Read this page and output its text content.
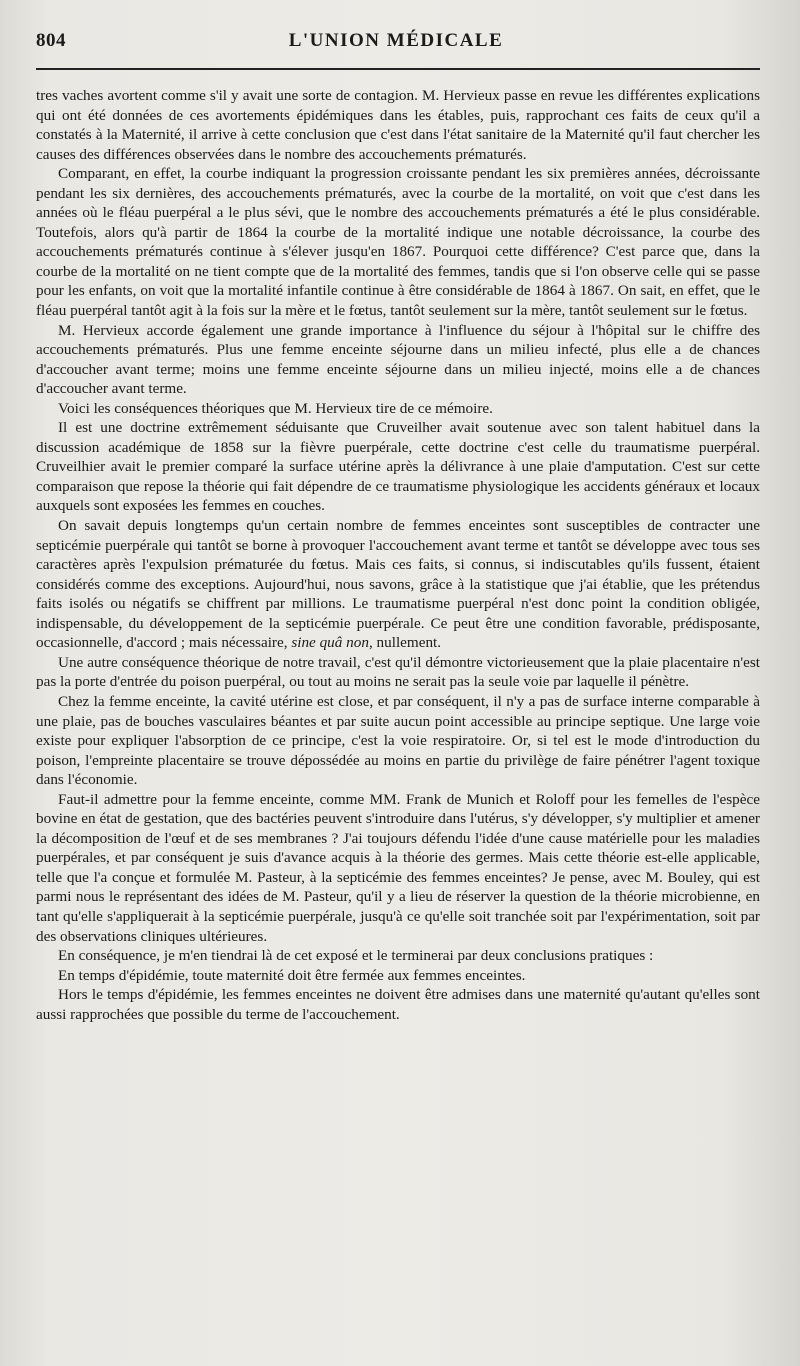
804	L'UNION MÉDICALE

tres vaches avortent comme s'il y avait une sorte de contagion. M. Hervieux passe en revue les différentes explications qui ont été données de ces avortements épidémiques dans les étables, puis, rapprochant ces faits de ceux qu'il a constatés à la Maternité, il arrive à cette conclusion que c'est dans l'état sanitaire de la Maternité qu'il faut chercher les causes des différences observées dans le nombre des accouchements prématurés.

Comparant, en effet, la courbe indiquant la progression croissante pendant les six premières années, décroissante pendant les six dernières, des accouchements prématurés, avec la courbe de la mortalité, on voit que c'est dans les années où le fléau puerpéral a le plus sévi, que le nombre des accouchements prématurés a été le plus considérable. Toutefois, alors qu'à partir de 1864 la courbe de la mortalité indique une notable décroissance, la courbe des accouchements prématurés continue à s'élever jusqu'en 1867. Pourquoi cette différence? C'est parce que, dans la courbe de la mortalité on ne tient compte que de la mortalité des femmes, tandis que si l'on observe celle qui se passe pour les enfants, on voit que la mortalité infantile continue à être considérable de 1864 à 1867. On sait, en effet, que le fléau puerpéral tantôt agit à la fois sur la mère et le fœtus, tantôt seulement sur la mère, tantôt seulement sur le fœtus.

M. Hervieux accorde également une grande importance à l'influence du séjour à l'hôpital sur le chiffre des accouchements prématurés. Plus une femme enceinte séjourne dans un milieu infecté, plus elle a de chances d'accoucher avant terme; moins une femme enceinte séjourne dans un milieu injecté, moins elle a de chances d'accoucher avant terme.

Voici les conséquences théoriques que M. Hervieux tire de ce mémoire.

Il est une doctrine extrêmement séduisante que Cruveilher avait soutenue avec son talent habituel dans la discussion académique de 1858 sur la fièvre puerpérale, cette doctrine c'est celle du traumatisme puerpéral. Cruveilhier avait le premier comparé la surface utérine après la délivrance à une plaie d'amputation. C'est sur cette comparaison que repose la théorie qui fait dépendre de ce traumatisme physiologique les accidents généraux et locaux auxquels sont exposées les femmes en couches.

On savait depuis longtemps qu'un certain nombre de femmes enceintes sont susceptibles de contracter une septicémie puerpérale qui tantôt se borne à provoquer l'accouchement avant terme et tantôt se développe avec tous ses caractères après l'expulsion prématurée du fœtus. Mais ces faits, si connus, si indiscutables qu'ils fussent, étaient considérés comme des exceptions. Aujourd'hui, nous savons, grâce à la statistique que j'ai établie, que les prétendus faits isolés ou négatifs se chiffrent par millions. Le traumatisme puerpéral n'est donc point la condition obligée, indispensable, du développement de la septicémie puerpérale. Ce peut être une condition favorable, prédisposante, occasionnelle, d'accord ; mais nécessaire, sine quâ non, nullement.

Une autre conséquence théorique de notre travail, c'est qu'il démontre victorieusement que la plaie placentaire n'est pas la porte d'entrée du poison puerpéral, ou tout au moins ne serait pas la seule voie par laquelle il pénètre.

Chez la femme enceinte, la cavité utérine est close, et par conséquent, il n'y a pas de surface interne comparable à une plaie, pas de bouches vasculaires béantes et par suite aucun point accessible au principe septique. Une large voie existe pour expliquer l'absorption de ce principe, c'est la voie respiratoire. Or, si tel est le mode d'introduction du poison, l'empreinte placentaire se trouve dépossédée au moins en partie du privilège de faire pénétrer l'agent toxique dans l'économie.

Faut-il admettre pour la femme enceinte, comme MM. Frank de Munich et Roloff pour les femelles de l'espèce bovine en état de gestation, que des bactéries peuvent s'introduire dans l'utérus, s'y développer, s'y multiplier et amener la décomposition de l'œuf et de ses membranes ? J'ai toujours défendu l'idée d'une cause matérielle pour les maladies puerpérales, et par conséquent je suis d'avance acquis à la théorie des germes. Mais cette théorie est-elle applicable, telle que l'a conçue et formulée M. Pasteur, à la septicémie des femmes enceintes? Je pense, avec M. Bouley, qui est parmi nous le représentant des idées de M. Pasteur, qu'il y a lieu de réserver la question de la théorie microbienne, en tant qu'elle s'appliquerait à la septicémie puerpérale, jusqu'à ce qu'elle soit tranchée soit par l'expérimentation, soit par des observations cliniques ultérieures.

En conséquence, je m'en tiendrai là de cet exposé et le terminerai par deux conclusions pratiques :

En temps d'épidémie, toute maternité doit être fermée aux femmes enceintes.

Hors le temps d'épidémie, les femmes enceintes ne doivent être admises dans une maternité qu'autant qu'elles sont aussi rapprochées que possible du terme de l'accouchement.
